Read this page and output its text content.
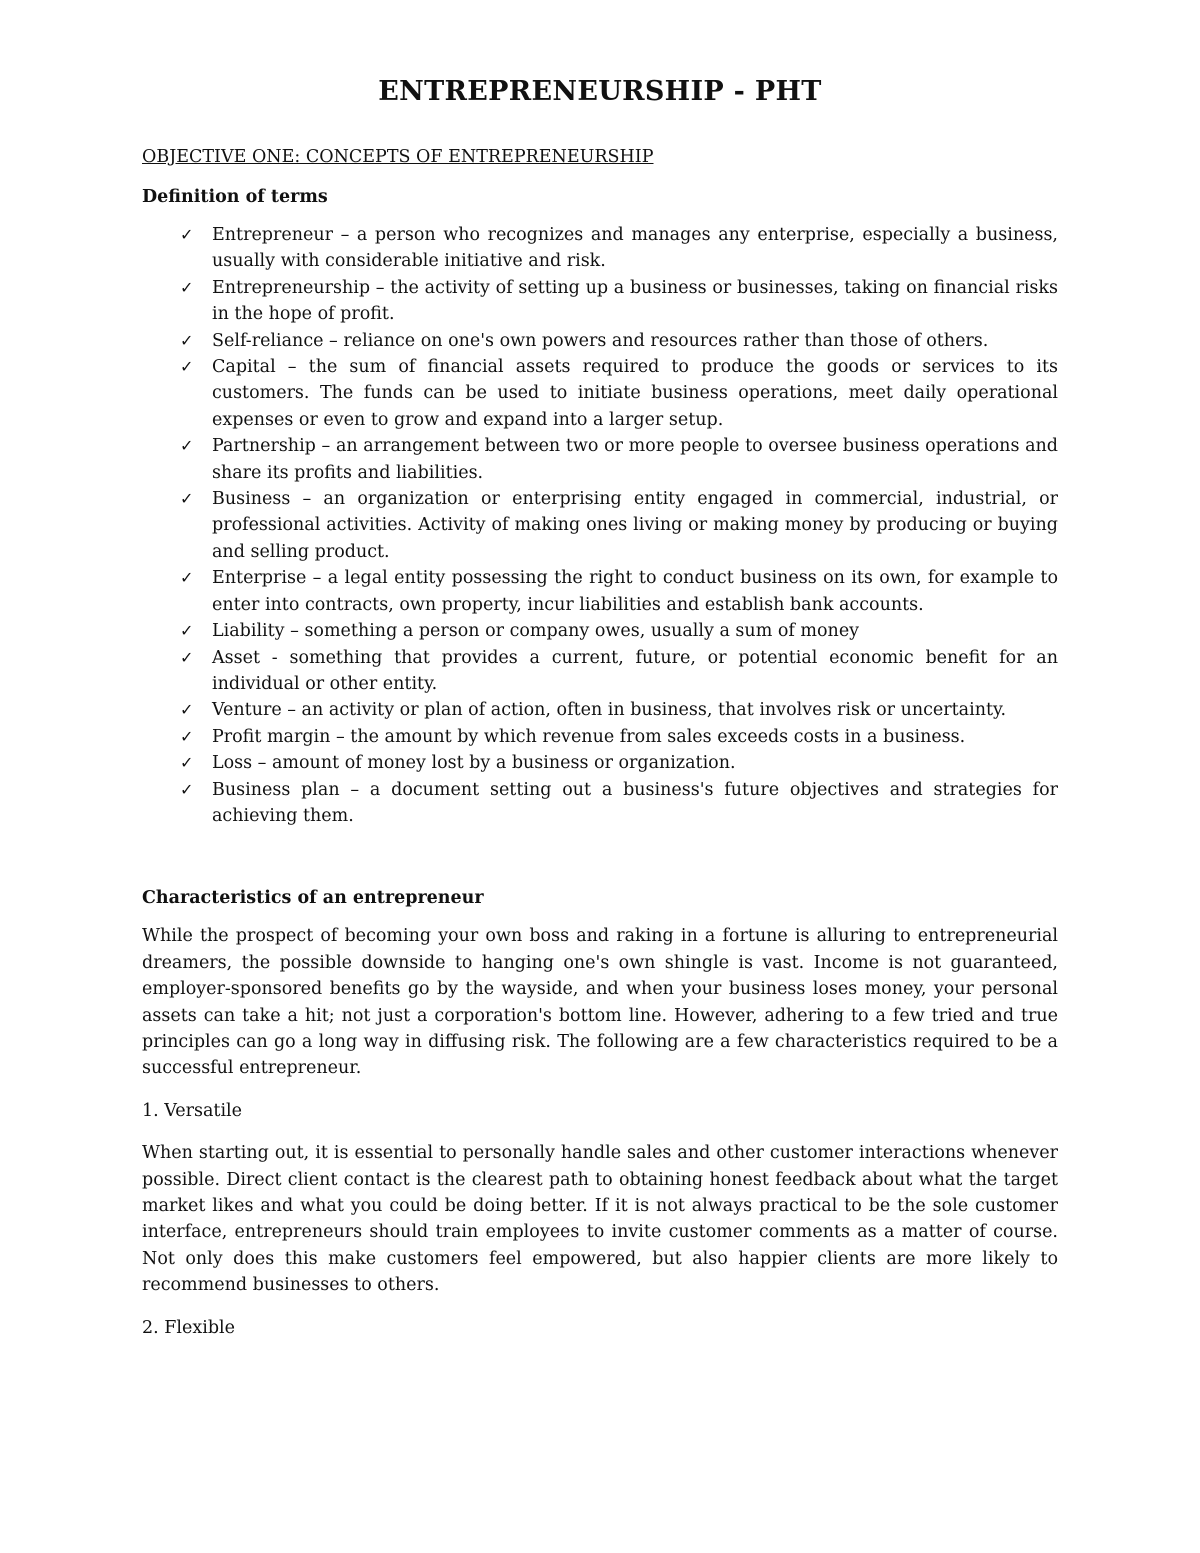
ENTREPRENEURSHIP - PHT
OBJECTIVE ONE: CONCEPTS OF ENTREPRENEURSHIP
Definition of terms
✓ Entrepreneur – a person who recognizes and manages any enterprise, especially a business, usually with considerable initiative and risk.
✓ Entrepreneurship – the activity of setting up a business or businesses, taking on financial risks in the hope of profit.
✓ Self-reliance – reliance on one's own powers and resources rather than those of others.
✓ Capital – the sum of financial assets required to produce the goods or services to its customers. The funds can be used to initiate business operations, meet daily operational expenses or even to grow and expand into a larger setup.
✓ Partnership – an arrangement between two or more people to oversee business operations and share its profits and liabilities.
✓ Business – an organization or enterprising entity engaged in commercial, industrial, or professional activities. Activity of making ones living or making money by producing or buying and selling product.
✓ Enterprise – a legal entity possessing the right to conduct business on its own, for example to enter into contracts, own property, incur liabilities and establish bank accounts.
✓ Liability – something a person or company owes, usually a sum of money
✓ Asset - something that provides a current, future, or potential economic benefit for an individual or other entity.
✓ Venture – an activity or plan of action, often in business, that involves risk or uncertainty.
✓ Profit margin – the amount by which revenue from sales exceeds costs in a business.
✓ Loss – amount of money lost by a business or organization.
✓ Business plan – a document setting out a business's future objectives and strategies for achieving them.
Characteristics of an entrepreneur

While the prospect of becoming your own boss and raking in a fortune is alluring to entrepreneurial dreamers, the possible downside to hanging one's own shingle is vast. Income is not guaranteed, employer-sponsored benefits go by the wayside, and when your business loses money, your personal assets can take a hit; not just a corporation's bottom line. However, adhering to a few tried and true principles can go a long way in diffusing risk. The following are a few characteristics required to be a successful entrepreneur.

1. Versatile

When starting out, it is essential to personally handle sales and other customer interactions whenever possible. Direct client contact is the clearest path to obtaining honest feedback about what the target market likes and what you could be doing better. If it is not always practical to be the sole customer interface, entrepreneurs should train employees to invite customer comments as a matter of course. Not only does this make customers feel empowered, but also happier clients are more likely to recommend businesses to others.

2. Flexible
